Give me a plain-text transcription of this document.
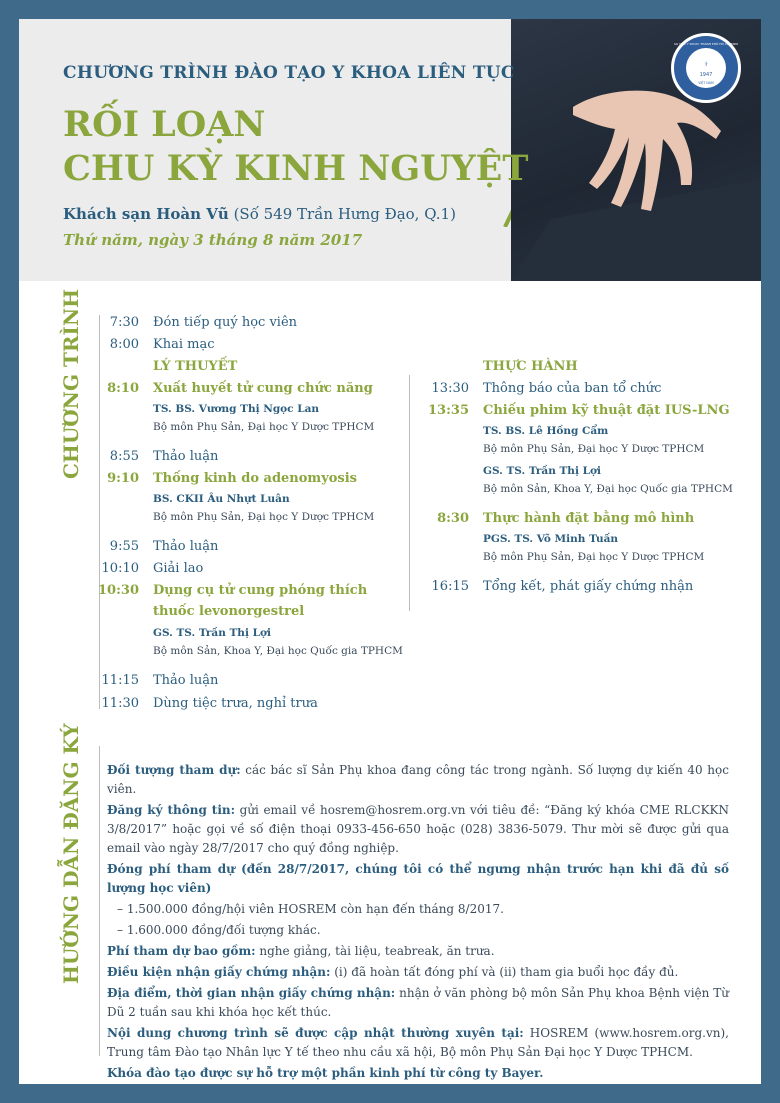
⚕
1947
VIỆT NAM
ĐẠI HỌC Y DƯỢC THÀNH PHỐ HỒ CHÍ MINH
CHƯƠNG TRÌNH ĐÀO TẠO Y KHOA LIÊN TỤC
RỐI LOẠN
CHU KỲ KINH NGUYỆT
Khách sạn Hoàn Vũ (Số 549 Trần Hưng Đạo, Q.1)
Thứ năm, ngày 3 tháng 8 năm 2017
CHƯƠNG TRÌNH	7:30 Đón tiếp quý học viên
8:00 Khai mạc
LÝ THUYẾT
8:10 Xuất huyết tử cung chức năng
TS. BS. Vương Thị Ngọc Lan
Bộ môn Phụ Sản, Đại học Y Dược TPHCM
8:55 Thảo luận
9:10 Thống kinh do adenomyosis
BS. CKII Âu Nhựt Luân
Bộ môn Phụ Sản, Đại học Y Dược TPHCM
9:55 Thảo luận
10:10 Giải lao
10:30 Dụng cụ tử cung phóng thích
thuốc levonorgestrel
GS. TS. Trần Thị Lợi
Bộ môn Sản, Khoa Y, Đại học Quốc gia TPHCM
11:15 Thảo luận
11:30 Dùng tiệc trưa, nghỉ trưa
THỰC HÀNH
13:30 Thông báo của ban tổ chức
13:35 Chiếu phim kỹ thuật đặt IUS-LNG
TS. BS. Lê Hồng Cẩm
Bộ môn Phụ Sản, Đại học Y Dược TPHCM
GS. TS. Trần Thị Lợi
Bộ môn Sản, Khoa Y, Đại học Quốc gia TPHCM
8:30 Thực hành đặt bằng mô hình
PGS. TS. Võ Minh Tuấn
Bộ môn Phụ Sản, Đại học Y Dược TPHCM
16:15 Tổng kết, phát giấy chứng nhận
HƯỚNG DẪN ĐĂNG KÝ Đối tượng tham dự: các bác sĩ Sản Phụ khoa đang công tác trong ngành. Số lượng dự kiến 40 học viên.

Đăng ký thông tin: gửi email về hosrem@hosrem.org.vn với tiêu đề: “Đăng ký khóa CME RLCKKN 3/8/2017” hoặc gọi về số điện thoại 0933-456-650 hoặc (028) 3836-5079. Thư mời sẽ được gửi qua email vào ngày 28/7/2017 cho quý đồng nghiệp.

Đóng phí tham dự (đến 28/7/2017, chúng tôi có thể ngưng nhận trước hạn khi đã đủ số lượng học viên)

– 1.500.000 đồng/hội viên HOSREM còn hạn đến tháng 8/2017.

– 1.600.000 đồng/đối tượng khác.

Phí tham dự bao gồm: nghe giảng, tài liệu, teabreak, ăn trưa.

Điều kiện nhận giấy chứng nhận: (i) đã hoàn tất đóng phí và (ii) tham gia buổi học đầy đủ.

Địa điểm, thời gian nhận giấy chứng nhận: nhận ở văn phòng bộ môn Sản Phụ khoa Bệnh viện Từ Dũ 2 tuần sau khi khóa học kết thúc.

Nội dung chương trình sẽ được cập nhật thường xuyên tại: HOSREM (www.hosrem.org.vn), Trung tâm Đào tạo Nhân lực Y tế theo nhu cầu xã hội, Bộ môn Phụ Sản Đại học Y Dược TPHCM.

Khóa đào tạo được sự hỗ trợ một phần kinh phí từ công ty Bayer.
